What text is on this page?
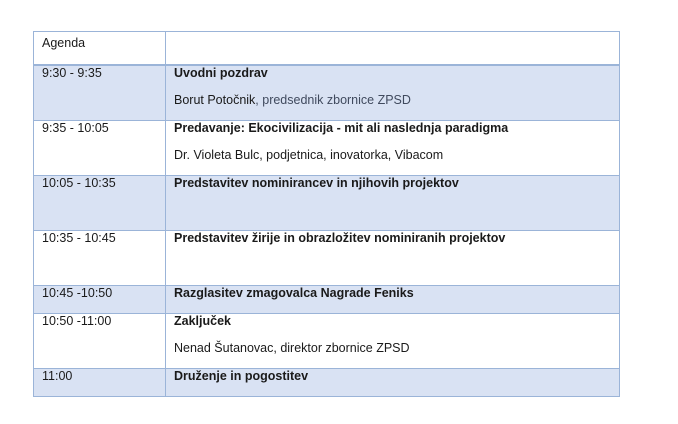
Agenda	

9:30 - 9:35	Uvodni pozdrav
Borut Potočnik, predsednik zbornice ZPSD

9:35 - 10:05	Predavanje: Ekocivilizacija - mit ali naslednja paradigma
Dr. Violeta Bulc, podjetnica, inovatorka, Vibacom

10:05 - 10:35	Predstavitev nominirancev in njihovih projektov

10:35 - 10:45	Predstavitev žirije in obrazložitev nominiranih projektov

10:45 -10:50	Razglasitev zmagovalca Nagrade Feniks

10:50 -11:00	Zaključek
Nenad Šutanovac, direktor zbornice ZPSD

11:00	Druženje in pogostitev
